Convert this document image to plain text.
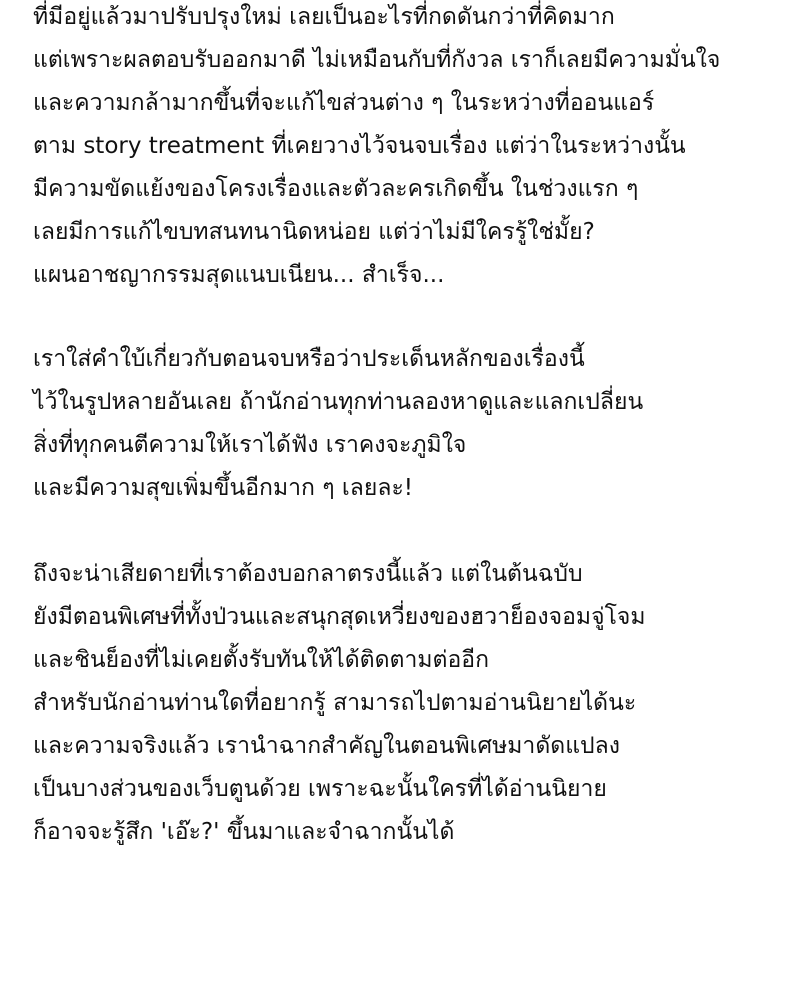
ที่มีอยู่แล้วมาปรับปรุงใหม่ เลยเป็นอะไรที่กดดันกว่าที่คิดมาก
แต่เพราะผลตอบรับออกมาดี ไม่เหมือนกับที่กังวล เราก็เลยมีความมั่นใจ
และความกล้ามากขึ้นที่จะแก้ไขส่วนต่าง ๆ ในระหว่างที่ออนแอร์
ตาม story treatment ที่เคยวางไว้จนจบเรื่อง แต่ว่าในระหว่างนั้น
มีความขัดแย้งของโครงเรื่องและตัวละครเกิดขึ้น ในช่วงแรก ๆ
เลยมีการแก้ไขบทสนทนานิดหน่อย แต่ว่าไม่มีใครรู้ใช่มั้ย?
แผนอาชญากรรมสุดแนบเนียน... สำเร็จ...
เราใส่คำใบ้เกี่ยวกับตอนจบหรือว่าประเด็นหลักของเรื่องนี้
ไว้ในรูปหลายอันเลย ถ้านักอ่านทุกท่านลองหาดูและแลกเปลี่ยน
สิ่งที่ทุกคนตีความให้เราได้ฟัง เราคงจะภูมิใจ
และมีความสุขเพิ่มขึ้นอีกมาก ๆ เลยละ!
ถึงจะน่าเสียดายที่เราต้องบอกลาตรงนี้แล้ว แต่ในต้นฉบับ
ยังมีตอนพิเศษที่ทั้งป่วนและสนุกสุดเหวี่ยงของฮวาย็องจอมจู่โจม
และชินย็องที่ไม่เคยตั้งรับทันให้ได้ติดตามต่ออีก
สำหรับนักอ่านท่านใดที่อยากรู้ สามารถไปตามอ่านนิยายได้นะ
และความจริงแล้ว เรานำฉากสำคัญในตอนพิเศษมาดัดแปลง
เป็นบางส่วนของเว็บตูนด้วย เพราะฉะนั้นใครที่ได้อ่านนิยาย
ก็อาจจะรู้สึก 'เอ๊ะ?' ขึ้นมาและจำฉากนั้นได้
